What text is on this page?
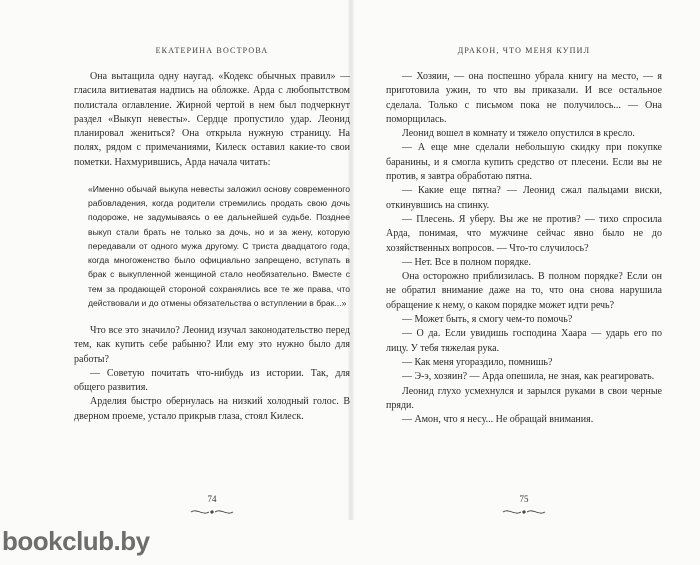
ЕКАТЕРИНА ВОСТРОВА

Она вытащила одну наугад. «Кодекс обычных правил» — гласила витиеватая надпись на обложке. Арда с любопытством полистала оглавление. Жирной чертой в нем был подчеркнут раздел «Выкуп невесты». Сердце пропустило удар. Леонид планировал жениться? Она открыла нужную страницу. На полях, рядом с примечаниями, Килеск оставил какие-то свои пометки. Нахмурившись, Арда начала читать:

«Именно обычай выкупа невесты заложил основу современного рабовладения, когда родители стремились продать свою дочь подороже, не задумываясь о ее дальнейшей судьбе. Позднее выкуп стали брать не только за дочь, но и за жену, которую передавали от одного мужа другому. С триста двадцатого года, когда многоженство было официально запрещено, вступать в брак с выкупленной женщиной стало необязательно. Вместе с тем за продающей стороной сохранялись все те же права, что действовали и до отмены обязательства о вступлении в брак...»

Что все это значило? Леонид изучал законодательство перед тем, как купить себе рабыню? Или ему это нужно было для работы?

— Советую почитать что-нибудь из истории. Так, для общего развития.

Арделия быстро обернулась на низкий холодный голос. В дверном проеме, устало прикрыв глаза, стоял Килеск.

74
ДРАКОН, ЧТО МЕНЯ КУПИЛ

— Хозяин, — она поспешно убрала книгу на место, — я приготовила ужин, то что вы приказали. И все остальное сделала. Только с письмом пока не получилось... — Она поморщилась.

Леонид вошел в комнату и тяжело опустился в кресло.

— А еще мне сделали небольшую скидку при покупке баранины, и я смогла купить средство от плесени. Если вы не против, я завтра обработаю пятна.

— Какие еще пятна? — Леонид сжал пальцами виски, откинувшись на спинку.

— Плесень. Я уберу. Вы же не против? — тихо спросила Арда, понимая, что мужчине сейчас явно было не до хозяйственных вопросов. — Что-то случилось?

— Нет. Все в полном порядке.

Она осторожно приблизилась. В полном порядке? Если он не обратил внимание даже на то, что она снова нарушила обращение к нему, о каком порядке может идти речь?

— Может быть, я смогу чем-то помочь?

— О да. Если увидишь господина Хаара — ударь его по лицу. У тебя тяжелая рука.

— Как меня угораздило, помнишь?

— Э-э, хозяин? — Арда опешила, не зная, как реагировать.

Леонид глухо усмехнулся и зарылся руками в свои черные пряди.

— Амон, что я несу... Не обращай внимания.

75
bookclub.by
